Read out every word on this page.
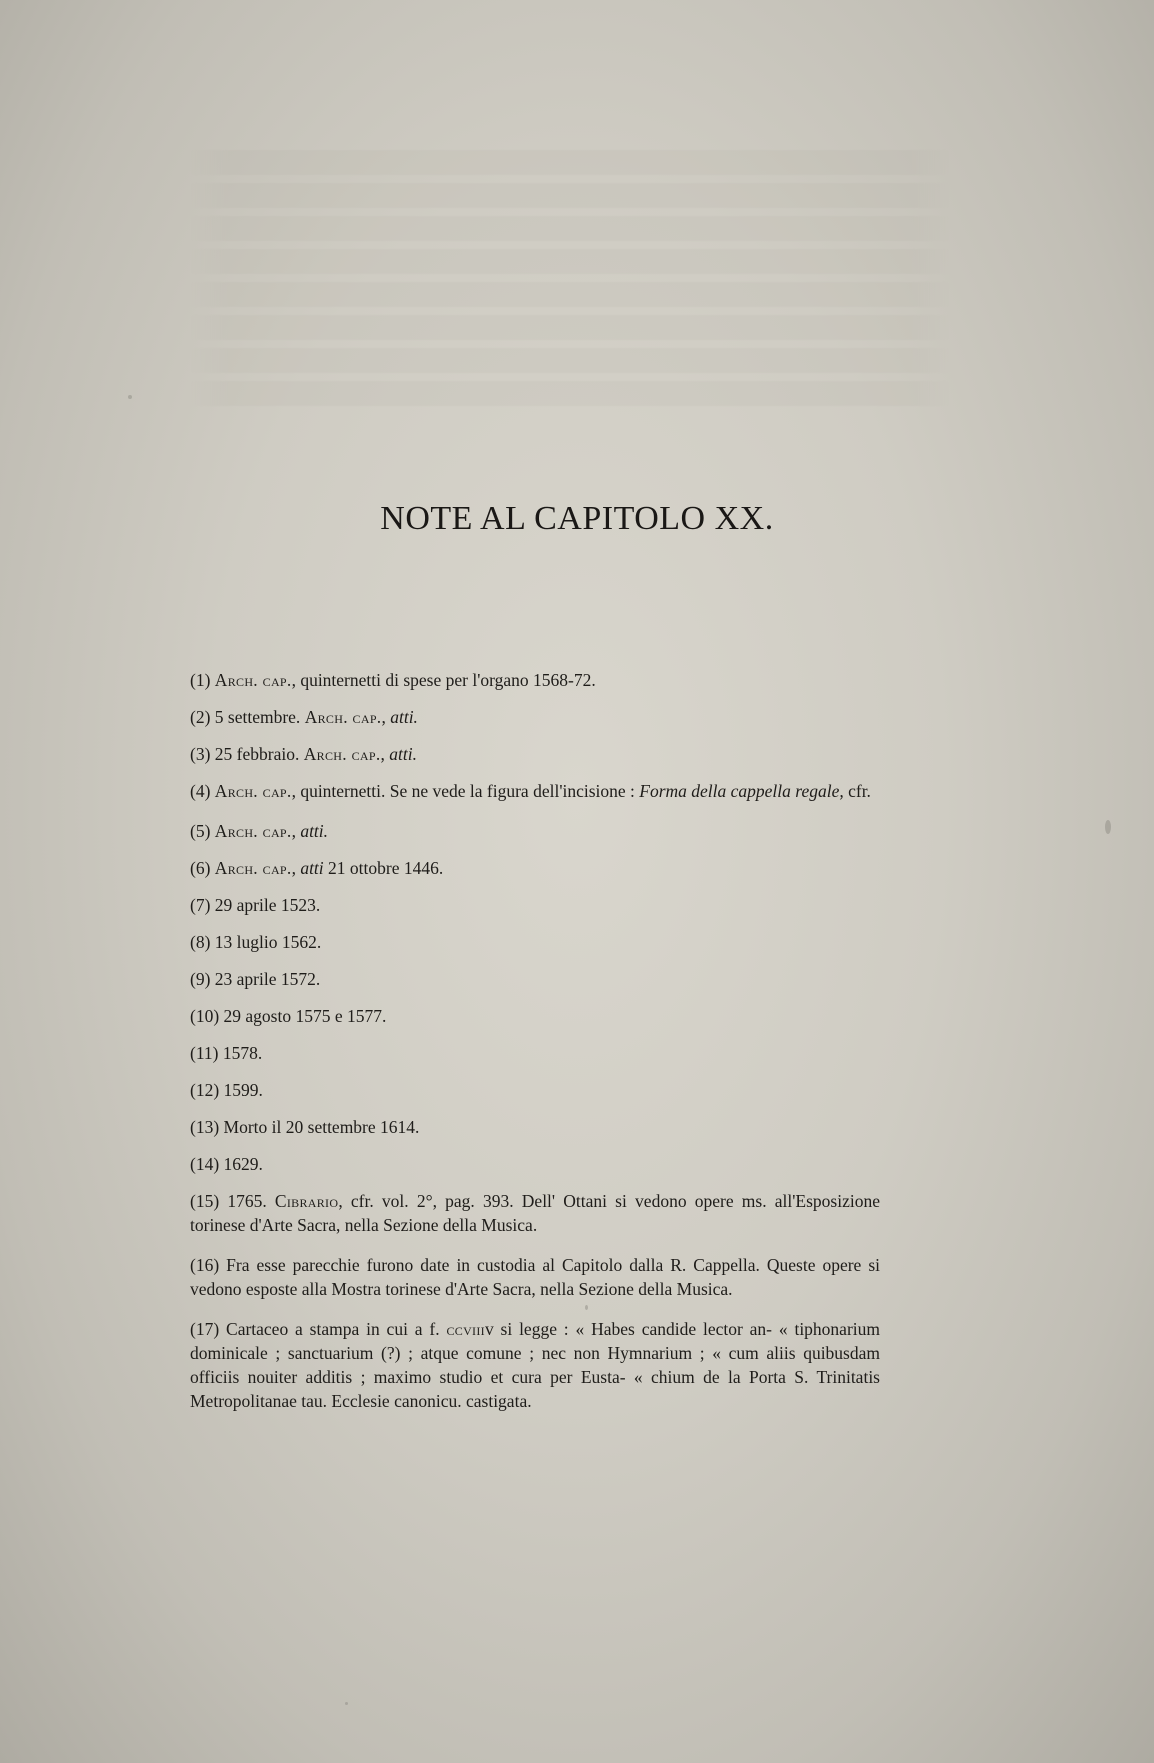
NOTE AL CAPITOLO XX.
(1) Arch. cap., quinternetti di spese per l'organo 1568-72.
(2) 5 settembre. Arch. cap., atti.
(3) 25 febbraio. Arch. cap., atti.
(4) Arch. cap., quinternetti. Se ne vede la figura dell'incisione : Forma della cappella regale, cfr.
(5) Arch. cap., atti.
(6) Arch. cap., atti 21 ottobre 1446.
(7) 29 aprile 1523.
(8) 13 luglio 1562.
(9) 23 aprile 1572.
(10) 29 agosto 1575 e 1577.
(11) 1578.
(12) 1599.
(13) Morto il 20 settembre 1614.
(14) 1629.
(15) 1765. Cibrario, cfr. vol. 2°, pag. 393. Dell' Ottani si vedono opere ms. all'Esposizione torinese d'Arte Sacra, nella Sezione della Musica.
(16) Fra esse parecchie furono date in custodia al Capitolo dalla R. Cappella. Queste opere si vedono esposte alla Mostra torinese d'Arte Sacra, nella Sezione della Musica.
(17) Cartaceo a stampa in cui a f. ccviiiv si legge : « Habes candide lector an- « tiphonarium dominicale ; sanctuarium (?) ; atque comune ; nec non Hymnarium ; « cum aliis quibusdam officiis nouiter additis ; maximo studio et cura per Eusta- « chium de la Porta S. Trinitatis Metropolitanae tau. Ecclesie canonicu. castigata.
